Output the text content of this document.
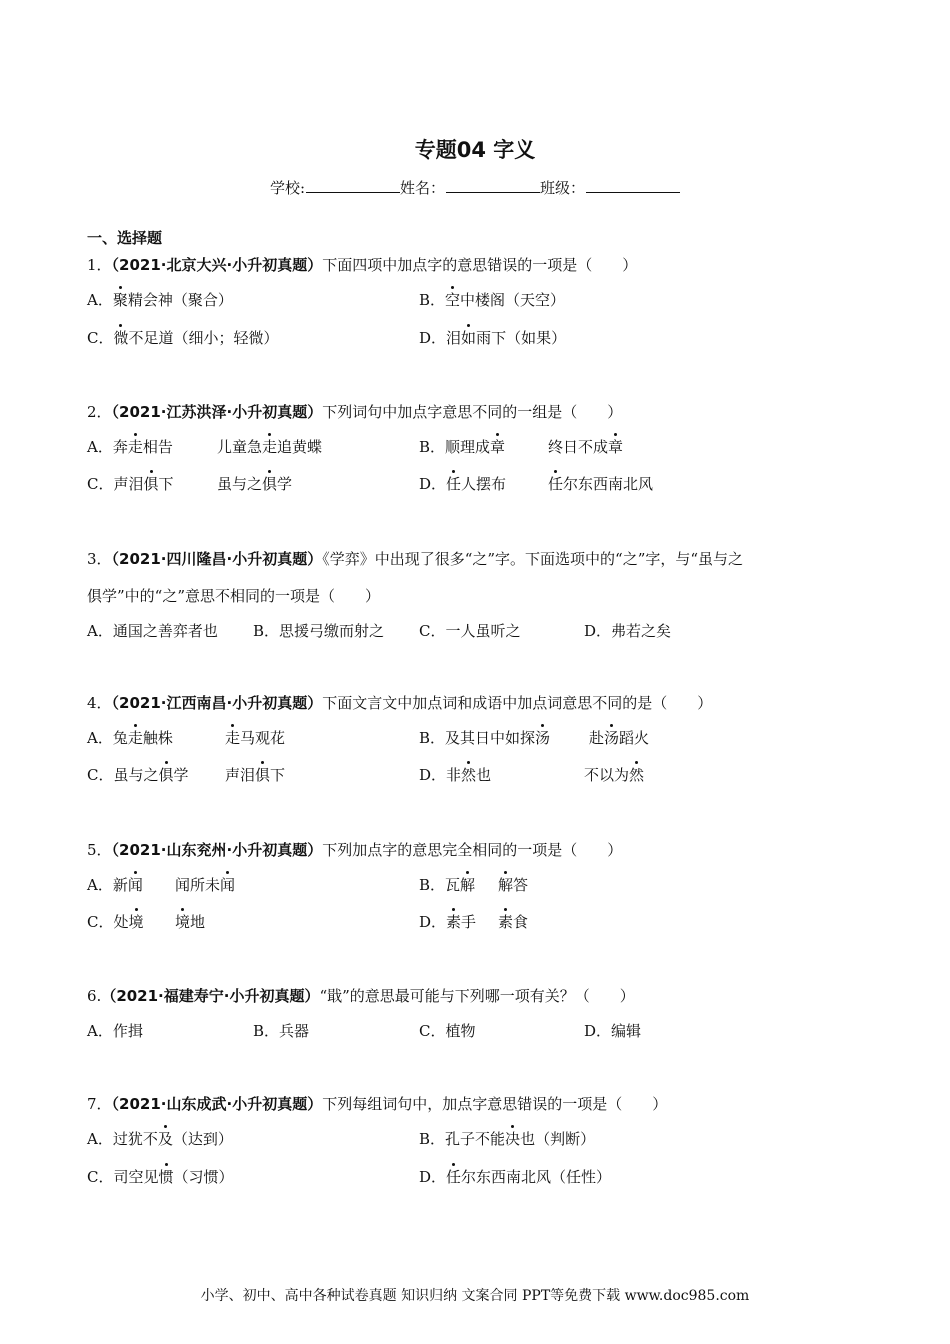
专题04 字义
学校:	姓名：	班级：
一、选择题
1．（2021·北京大兴·小升初真题）下面四项中加点字的意思错误的一项是（　　）
A．聚精会神（聚合）	B．空中楼阁（天空）
C．微不足道（细小；轻微）	D．泪如雨下（如果）
2．（2021·江苏洪泽·小升初真题）下列词句中加点字意思不同的一组是（　　）
A．奔走相告	儿童急走追黄蝶	B．顺理成章	终日不成章
C．声泪俱下	虽与之俱学	D．任人摆布	任尔东西南北风
3．（2021·四川隆昌·小升初真题）《学弈》中出现了很多“之”字。下面选项中的“之”字，与“虽与之
俱学”中的“之”意思不相同的一项是（　　）
A．通国之善弈者也 B．思援弓缴而射之 C．一人虽听之	D．弗若之矣
4．（2021·江西南昌·小升初真题）下面文言文中加点词和成语中加点词意思不同的是（　　）
A．兔走触株	走马观花	B．及其日中如探汤	赴汤蹈火
C．虽与之俱学 声泪俱下	D．非然也	不以为然
5．（2021·山东兖州·小升初真题）下列加点字的意思完全相同的一项是（　　）
A．新闻 闻所未闻	B．瓦解 解答
C．处境 境地	D．素手 素食
6.（2021·福建寿宁·小升初真题）“戢”的意思最可能与下列哪一项有关？（　　）
A．作揖	B．兵器	C．植物	D．编辑
7．（2021·山东成武·小升初真题）下列每组词句中，加点字意思错误的一项是（　　）
A．过犹不及（达到）	B．孔子不能决也（判断）
C．司空见惯（习惯）	D．任尔东西南北风（任性）
小学、初中、高中各种试卷真题 知识归纳 文案合同 PPT等免费下载 www.doc985.com
